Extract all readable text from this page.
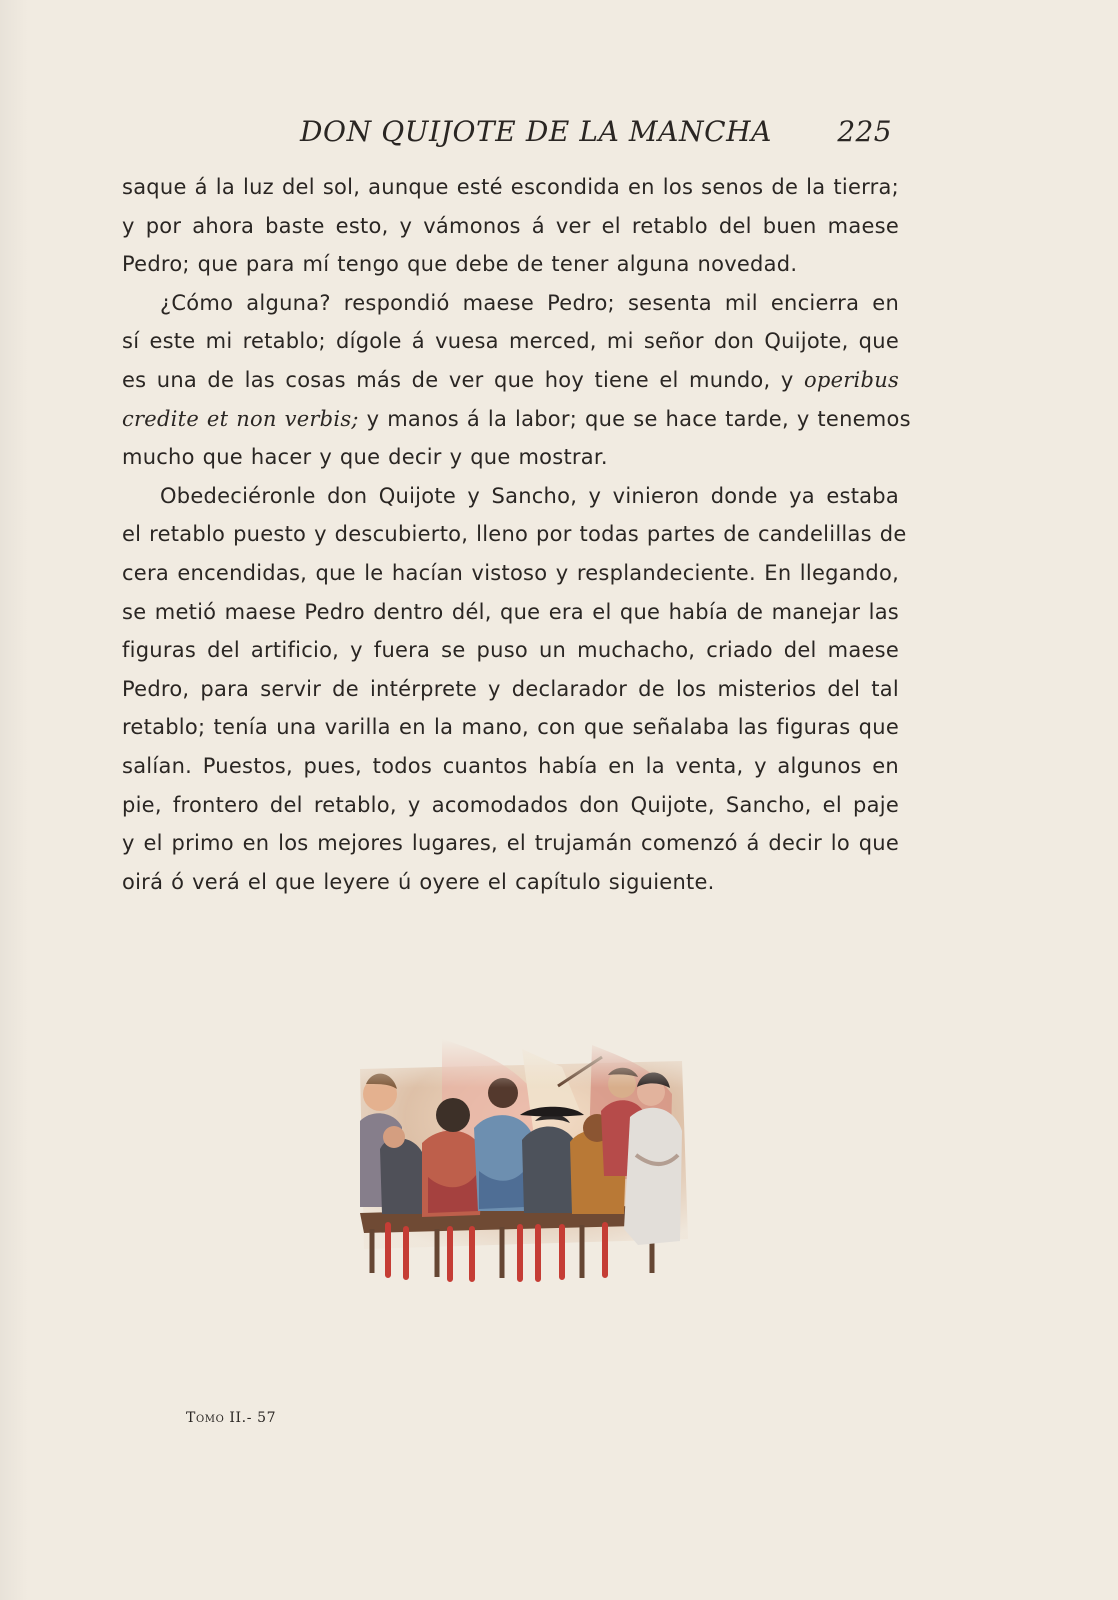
DON QUIJOTE DE LA MANCHA 225
saque á la luz del sol, aunque esté escondida en los senos de la tierra;
y por ahora baste esto, y vámonos á ver el retablo del buen maese
Pedro; que para mí tengo que debe de tener alguna novedad.
¿Cómo alguna? respondió maese Pedro; sesenta mil encierra en
sí este mi retablo; dígole á vuesa merced, mi señor don Quijote, que
es una de las cosas más de ver que hoy tiene el mundo, y operibus
credite et non verbis; y manos á la labor; que se hace tarde, y tenemos
mucho que hacer y que decir y que mostrar.
Obedeciéronle don Quijote y Sancho, y vinieron donde ya estaba
el retablo puesto y descubierto, lleno por todas partes de candelillas de
cera encendidas, que le hacían vistoso y resplandeciente. En llegando,
se metió maese Pedro dentro dél, que era el que había de manejar las
figuras del artificio, y fuera se puso un muchacho, criado del maese
Pedro, para servir de intérprete y declarador de los misterios del tal
retablo; tenía una varilla en la mano, con que señalaba las figuras que
salían. Puestos, pues, todos cuantos había en la venta, y algunos en
pie, frontero del retablo, y acomodados don Quijote, Sancho, el paje
y el primo en los mejores lugares, el trujamán comenzó á decir lo que
oirá ó verá el que leyere ú oyere el capítulo siguiente.
Tomo II.- 57
